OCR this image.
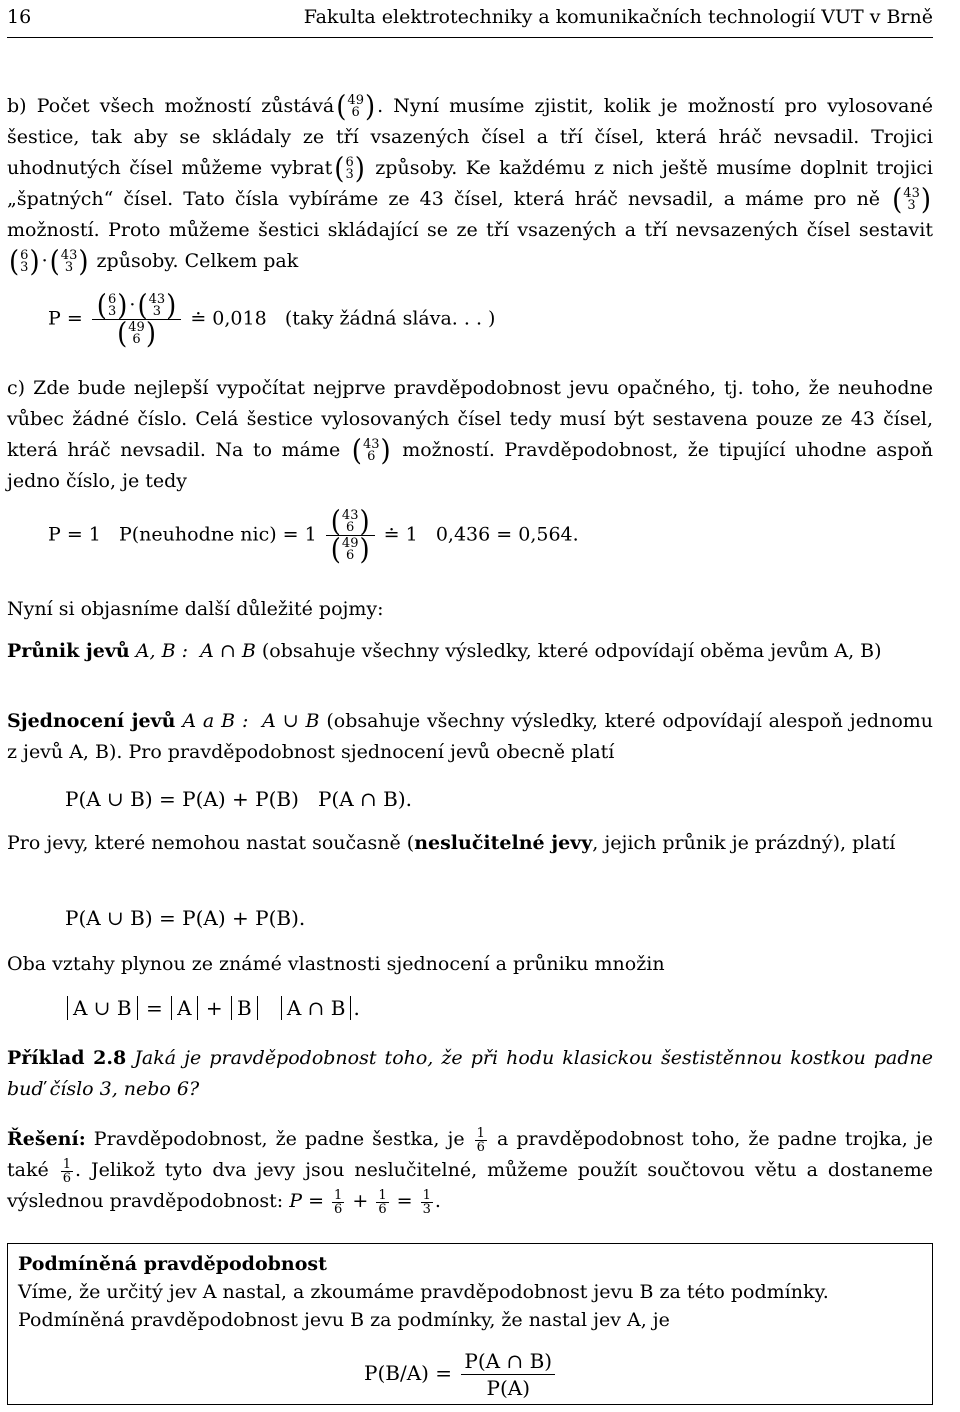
16	Fakulta elektrotechniky a komunikačních technologií VUT v Brně

b) Počet všech možností zůstává ( 49
6 ) . Nyní musíme zjistit, kolik je možností pro vylosované šestice, tak aby se skládaly ze tří vsazených čísel a tří čísel, která hráč nevsadil. Trojici uhodnutých čísel můžeme vybrat ( 6
3 ) způsoby. Ke každému z nich ještě musíme doplnit trojici „špatných“ čísel. Tato čísla vybíráme ze 43 čísel, která hráč nevsadil, a máme pro ně ( 43
3 )
možností. Proto můžeme šestici skládající se ze tří vsazených a tří nevsazených čísel sestavit
( 6
3 ) · ( 43
3 ) způsoby. Celkem pak

P = ( 6
3 ) · ( 43
3 )
( 49
6 ) ≐ 0,018 (taky žádná sláva. . . )

c) Zde bude nejlepší vypočítat nejprve pravděpodobnost jevu opačného, tj. toho, že neuhodne vůbec žádné číslo. Celá šestice vylosovaných čísel tedy musí být sestavena pouze ze 43 čísel, která hráč nevsadil. Na to máme ( 43
6 ) možností. Pravděpodobnost, že tipující uhodne aspoň jedno číslo, je tedy

P = 1   P(neuhodne nic) = 1 ( 43
6 )
( 49
6 ) ≐ 1   0,436 = 0,564.

Nyní si objasníme další důležité pojmy:

Průnik jevů A, B : A ∩ B (obsahuje všechny výsledky, které odpovídají oběma jevům A, B)

Sjednocení jevů A a B : A ∪ B (obsahuje všechny výsledky, které odpovídají alespoň jednomu z jevů A, B). Pro pravděpodobnost sjednocení jevů obecně platí

P(A ∪ B) = P(A) + P(B)   P(A ∩ B).

Pro jevy, které nemohou nastat současně (neslučitelné jevy, jejich průnik je prázdný), platí

P(A ∪ B) = P(A) + P(B).

Oba vztahy plynou ze známé vlastnosti sjednocení a průniku množin

A ∪ B = A + B A ∩ B .

Příklad 2.8 Jaká je pravděpodobnost toho, že při hodu klasickou šestistěnnou kostkou padne buď číslo 3, nebo 6?

Řešení: Pravděpodobnost, že padne šestka, je $\frac{1}{6}$ a pravděpodobnost toho, že padne trojka, je také $\frac{1}{6}$ . Jelikož tyto dva jevy jsou neslučitelné, můžeme použít součtovou větu a dostaneme výslednou pravděpodobnost: $P = \frac{1}{6} + \frac{1}{6} = \frac{1}{3}$ .

Podmíněná pravděpodobnost
Víme, že určitý jev A nastal, a zkoumáme pravděpodobnost jevu B za této podmínky.
Podmíněná pravděpodobnost jevu B za podmínky, že nastal jev A, je
$P(B/A) = \frac{P(A \cap B)}{P(A)}$
